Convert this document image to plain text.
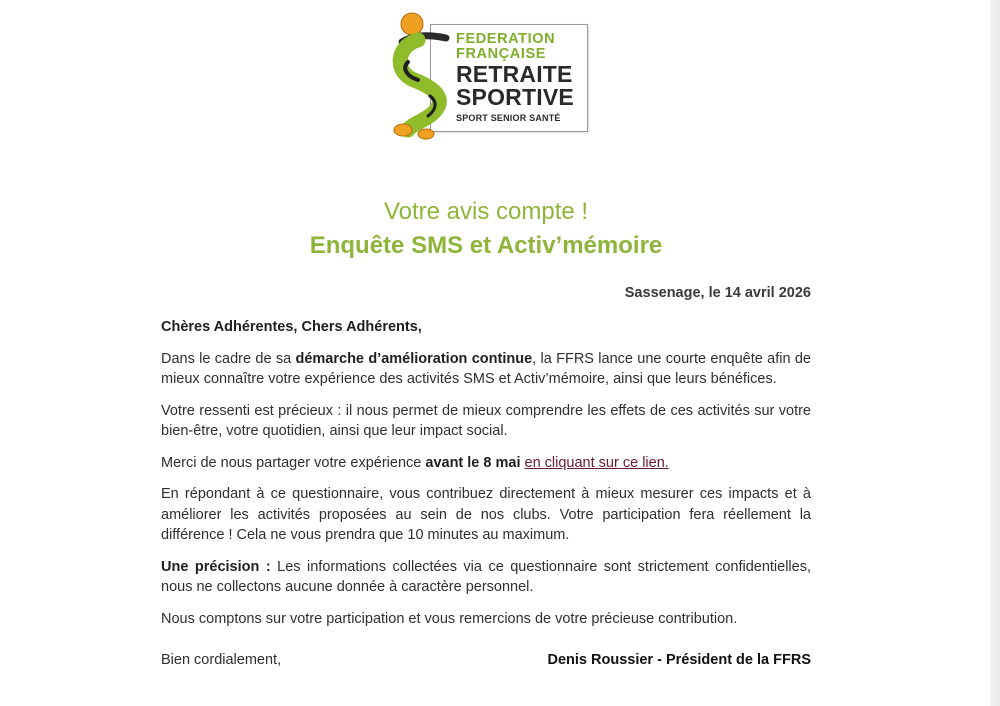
FEDERATION
FRANÇAISE
RETRAITE
SPORTIVE
SPORT SENIOR SANTÉ
Votre avis compte !
Enquête SMS et Activ’mémoire
Sassenage, le 14 avril 2026

Chères Adhérentes, Chers Adhérents,

Dans le cadre de sa démarche d’amélioration continue, la FFRS lance une courte enquête afin de mieux connaître votre expérience des activités SMS et Activ’mémoire, ainsi que leurs bénéfices.

Votre ressenti est précieux : il nous permet de mieux comprendre les effets de ces activités sur votre bien-être, votre quotidien, ainsi que leur impact social.

Merci de nous partager votre expérience avant le 8 mai en cliquant sur ce lien.

En répondant à ce questionnaire, vous contribuez directement à mieux mesurer ces impacts et à améliorer les activités proposées au sein de nos clubs. Votre participation fera réellement la différence ! Cela ne vous prendra que 10 minutes au maximum.

Une précision : Les informations collectées via ce questionnaire sont strictement confidentielles, nous ne collectons aucune donnée à caractère personnel.

Nous comptons sur votre participation et vous remercions de votre précieuse contribution.

Bien cordialement,	Denis Roussier - Président de la FFRS
